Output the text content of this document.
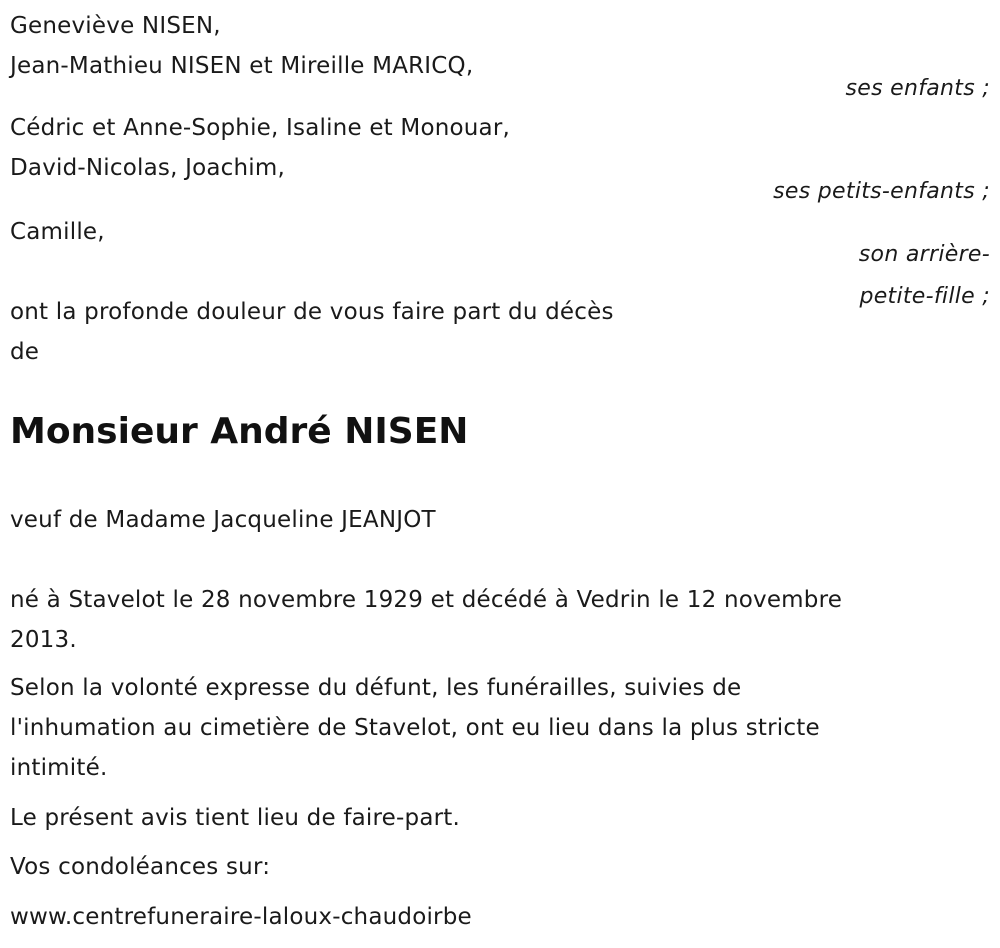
Geneviève NISEN,
Jean-Mathieu NISEN et Mireille MARICQ,
ses enfants ;
Cédric et Anne-Sophie, Isaline et Monouar,
David-Nicolas, Joachim,
ses petits-enfants ;
Camille,
son arrière-
petite-fille ;
ont la profonde douleur de vous faire part du décès
de
Monsieur André NISEN
veuf de Madame Jacqueline JEANJOT
né à Stavelot le 28 novembre 1929 et décédé à Vedrin le 12 novembre
2013.
Selon la volonté expresse du défunt, les funérailles, suivies de
l'inhumation au cimetière de Stavelot, ont eu lieu dans la plus stricte
intimité.
Le présent avis tient lieu de faire-part.
Vos condoléances sur:
www.centrefuneraire-laloux-chaudoirbe
